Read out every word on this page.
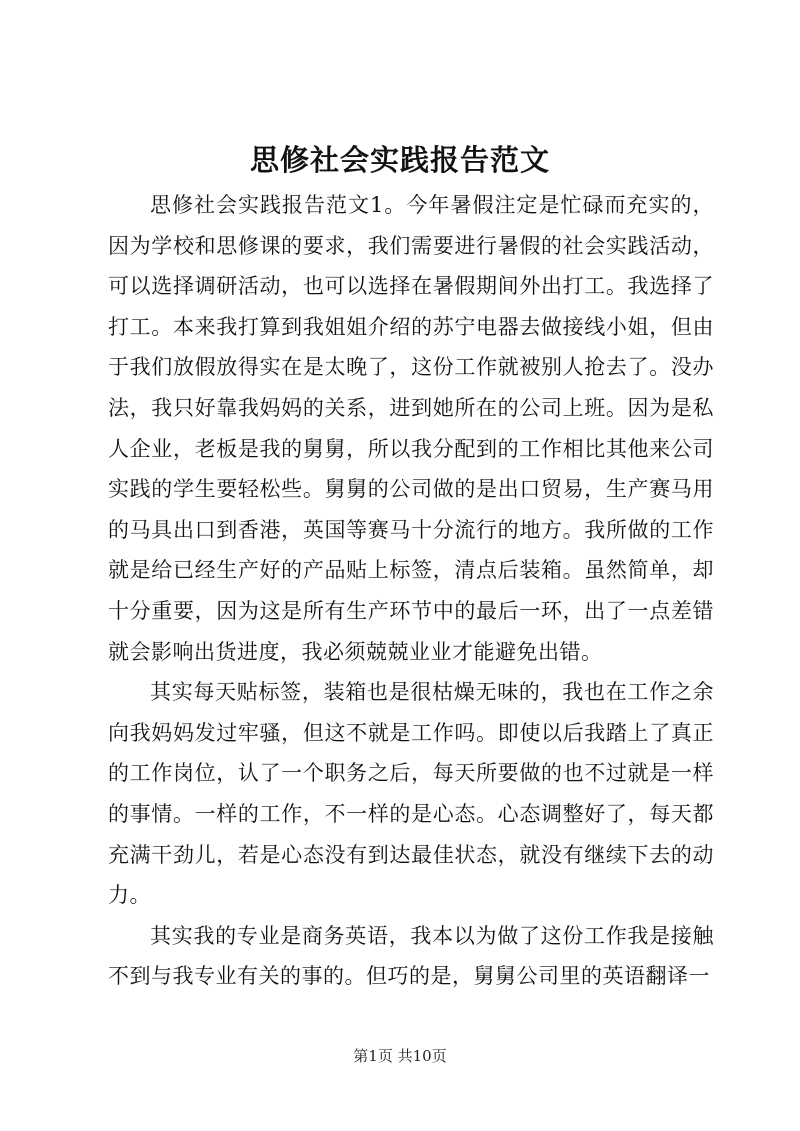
思修社会实践报告范文

思修社会实践报告范文1。今年暑假注定是忙碌而充实的，因为学校和思修课的要求，我们需要进行暑假的社会实践活动，可以选择调研活动，也可以选择在暑假期间外出打工。我选择了打工。本来我打算到我姐姐介绍的苏宁电器去做接线小姐，但由于我们放假放得实在是太晚了，这份工作就被别人抢去了。没办法，我只好靠我妈妈的关系，进到她所在的公司上班。因为是私人企业，老板是我的舅舅，所以我分配到的工作相比其他来公司实践的学生要轻松些。舅舅的公司做的是出口贸易，生产赛马用的马具出口到香港，英国等赛马十分流行的地方。我所做的工作就是给已经生产好的产品贴上标签，清点后装箱。虽然简单，却十分重要，因为这是所有生产环节中的最后一环，出了一点差错就会影响出货进度，我必须兢兢业业才能避免出错。

其实每天贴标签，装箱也是很枯燥无味的，我也在工作之余向我妈妈发过牢骚，但这不就是工作吗。即使以后我踏上了真正的工作岗位，认了一个职务之后，每天所要做的也不过就是一样的事情。一样的工作，不一样的是心态。心态调整好了，每天都充满干劲儿，若是心态没有到达最佳状态，就没有继续下去的动力。

其实我的专业是商务英语，我本以为做了这份工作我是接触不到与我专业有关的事的。但巧的是，舅舅公司里的英语翻译一

第1页 共10页
